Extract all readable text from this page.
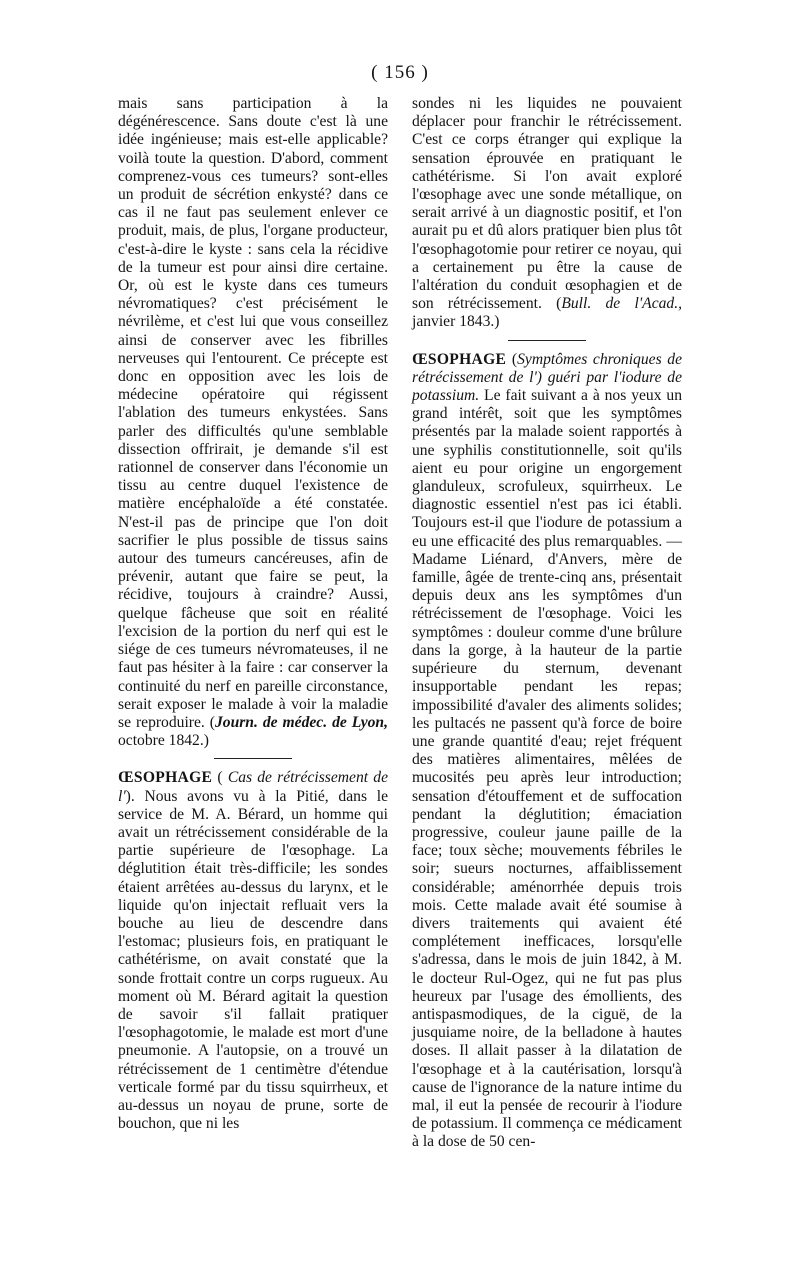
( 156 )

mais sans participation à la dégénérescence. Sans doute c'est là une idée ingénieuse; mais est-elle applicable? voilà toute la question. D'abord, comment comprenez-vous ces tumeurs? sont-elles un produit de sécrétion enkysté? dans ce cas il ne faut pas seulement enlever ce produit, mais, de plus, l'organe producteur, c'est-à-dire le kyste : sans cela la récidive de la tumeur est pour ainsi dire certaine. Or, où est le kyste dans ces tumeurs névromatiques? c'est précisément le névrilème, et c'est lui que vous conseillez ainsi de conserver avec les fibrilles nerveuses qui l'entourent. Ce précepte est donc en opposition avec les lois de médecine opératoire qui régissent l'ablation des tumeurs enkystées. Sans parler des difficultés qu'une semblable dissection offrirait, je demande s'il est rationnel de conserver dans l'économie un tissu au centre duquel l'existence de matière encéphaloïde a été constatée. N'est-il pas de principe que l'on doit sacrifier le plus possible de tissus sains autour des tumeurs cancéreuses, afin de prévenir, autant que faire se peut, la récidive, toujours à craindre? Aussi, quelque fâcheuse que soit en réalité l'excision de la portion du nerf qui est le siége de ces tumeurs névromateuses, il ne faut pas hésiter à la faire : car conserver la continuité du nerf en pareille circonstance, serait exposer le malade à voir la maladie se reproduire. (Journ. de médec. de Lyon, octobre 1842.)

ŒSOPHAGE ( Cas de rétrécissement de l'). Nous avons vu à la Pitié, dans le service de M. A. Bérard, un homme qui avait un rétrécissement considérable de la partie supérieure de l'œsophage. La déglutition était très-difficile; les sondes étaient arrêtées au-dessus du larynx, et le liquide qu'on injectait refluait vers la bouche au lieu de descendre dans l'estomac; plusieurs fois, en pratiquant le cathétérisme, on avait constaté que la sonde frottait contre un corps rugueux. Au moment où M. Bérard agitait la question de savoir s'il fallait pratiquer l'œsophagotomie, le malade est mort d'une pneumonie. A l'autopsie, on a trouvé un rétrécissement de 1 centimètre d'étendue verticale formé par du tissu squirrheux, et au-dessus un noyau de prune, sorte de bouchon, que ni les

sondes ni les liquides ne pouvaient déplacer pour franchir le rétrécissement. C'est ce corps étranger qui explique la sensation éprouvée en pratiquant le cathétérisme. Si l'on avait exploré l'œsophage avec une sonde métallique, on serait arrivé à un diagnostic positif, et l'on aurait pu et dû alors pratiquer bien plus tôt l'œsophagotomie pour retirer ce noyau, qui a certainement pu être la cause de l'altération du conduit œsophagien et de son rétrécissement. (Bull. de l'Acad., janvier 1843.)

ŒSOPHAGE (Symptômes chroniques de rétrécissement de l') guéri par l'iodure de potassium. Le fait suivant a à nos yeux un grand intérêt, soit que les symptômes présentés par la malade soient rapportés à une syphilis constitutionnelle, soit qu'ils aient eu pour origine un engorgement glanduleux, scrofuleux, squirrheux. Le diagnostic essentiel n'est pas ici établi. Toujours est-il que l'iodure de potassium a eu une efficacité des plus remarquables. — Madame Liénard, d'Anvers, mère de famille, âgée de trente-cinq ans, présentait depuis deux ans les symptômes d'un rétrécissement de l'œsophage. Voici les symptômes : douleur comme d'une brûlure dans la gorge, à la hauteur de la partie supérieure du sternum, devenant insupportable pendant les repas; impossibilité d'avaler des aliments solides; les pultacés ne passent qu'à force de boire une grande quantité d'eau; rejet fréquent des matières alimentaires, mêlées de mucosités peu après leur introduction; sensation d'étouffement et de suffocation pendant la déglutition; émaciation progressive, couleur jaune paille de la face; toux sèche; mouvements fébriles le soir; sueurs nocturnes, affaiblissement considérable; aménorrhée depuis trois mois. Cette malade avait été soumise à divers traitements qui avaient été complétement inefficaces, lorsqu'elle s'adressa, dans le mois de juin 1842, à M. le docteur Rul-Ogez, qui ne fut pas plus heureux par l'usage des émollients, des antispasmodiques, de la ciguë, de la jusquiame noire, de la belladone à hautes doses. Il allait passer à la dilatation de l'œsophage et à la cautérisation, lorsqu'à cause de l'ignorance de la nature intime du mal, il eut la pensée de recourir à l'iodure de potassium. Il commença ce médicament à la dose de 50 cen-
